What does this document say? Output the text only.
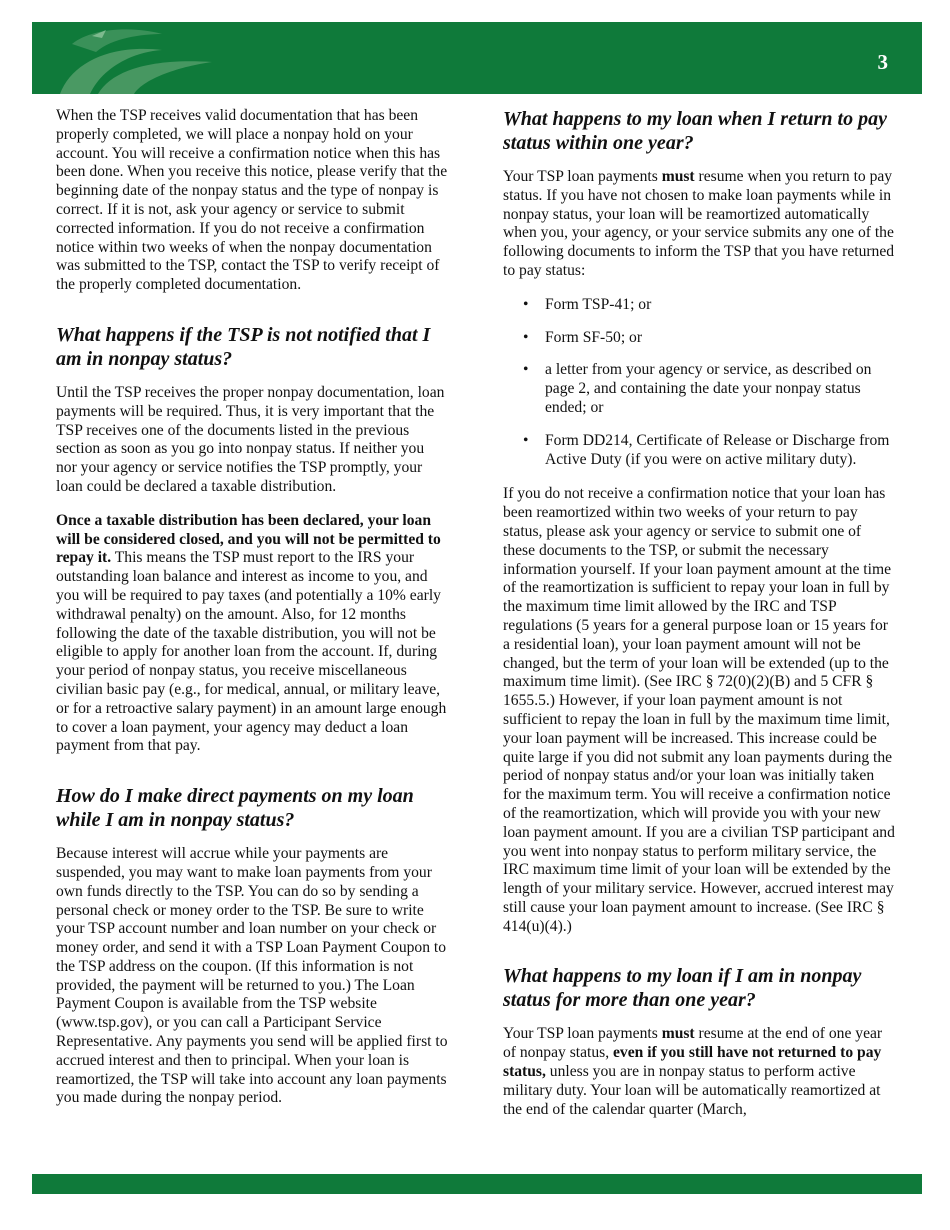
3

When the TSP receives valid documentation that has been properly completed, we will place a nonpay hold on your account. You will receive a confirmation notice when this has been done. When you receive this notice, please verify that the beginning date of the nonpay status and the type of nonpay is correct. If it is not, ask your agency or service to submit corrected information. If you do not receive a confirmation notice within two weeks of when the nonpay documentation was submitted to the TSP, contact the TSP to verify receipt of the properly completed documentation.

What happens if the TSP is not notified that I am in nonpay status?

Until the TSP receives the proper nonpay documentation, loan payments will be required. Thus, it is very important that the TSP receives one of the documents listed in the previous section as soon as you go into nonpay status. If neither you nor your agency or service notifies the TSP promptly, your loan could be declared a taxable distribution.

Once a taxable distribution has been declared, your loan will be considered closed, and you will not be permitted to repay it. This means the TSP must report to the IRS your outstanding loan balance and interest as income to you, and you will be required to pay taxes (and potentially a 10% early withdrawal penalty) on the amount. Also, for 12 months following the date of the taxable distribution, you will not be eligible to apply for another loan from the account. If, during your period of nonpay status, you receive miscellaneous civilian basic pay (e.g., for medical, annual, or military leave, or for a retroactive salary payment) in an amount large enough to cover a loan payment, your agency may deduct a loan payment from that pay.

How do I make direct payments on my loan while I am in nonpay status?

Because interest will accrue while your payments are suspended, you may want to make loan payments from your own funds directly to the TSP. You can do so by sending a personal check or money order to the TSP. Be sure to write your TSP account number and loan number on your check or money order, and send it with a TSP Loan Payment Coupon to the TSP address on the coupon. (If this information is not provided, the payment will be returned to you.) The Loan Payment Coupon is available from the TSP website (www.tsp.gov), or you can call a Participant Service Representative. Any payments you send will be applied first to accrued interest and then to principal. When your loan is reamortized, the TSP will take into account any loan payments you made during the nonpay period.

What happens to my loan when I return to pay status within one year?

Your TSP loan payments must resume when you return to pay status. If you have not chosen to make loan payments while in nonpay status, your loan will be reamortized automatically when you, your agency, or your service submits any one of the following documents to inform the TSP that you have returned to pay status:

• Form TSP-41; or
• Form SF-50; or
• a letter from your agency or service, as described on page 2, and containing the date your nonpay status ended; or
• Form DD214, Certificate of Release or Discharge from Active Duty (if you were on active military duty).

If you do not receive a confirmation notice that your loan has been reamortized within two weeks of your return to pay status, please ask your agency or service to submit one of these documents to the TSP, or submit the necessary information yourself. If your loan payment amount at the time of the reamortization is sufficient to repay your loan in full by the maximum time limit allowed by the IRC and TSP regulations (5 years for a general purpose loan or 15 years for a residential loan), your loan payment amount will not be changed, but the term of your loan will be extended (up to the maximum time limit). (See IRC § 72(0)(2)(B) and 5 CFR § 1655.5.) However, if your loan payment amount is not sufficient to repay the loan in full by the maximum time limit, your loan payment will be increased. This increase could be quite large if you did not submit any loan payments during the period of nonpay status and/or your loan was initially taken for the maximum term. You will receive a confirmation notice of the reamortization, which will provide you with your new loan payment amount. If you are a civilian TSP participant and you went into nonpay status to perform military service, the IRC maximum time limit of your loan will be extended by the length of your military service. However, accrued interest may still cause your loan payment amount to increase. (See IRC § 414(u)(4).)

What happens to my loan if I am in nonpay status for more than one year?

Your TSP loan payments must resume at the end of one year of nonpay status, even if you still have not returned to pay status, unless you are in nonpay status to perform active military duty. Your loan will be automatically reamortized at the end of the calendar quarter (March,
